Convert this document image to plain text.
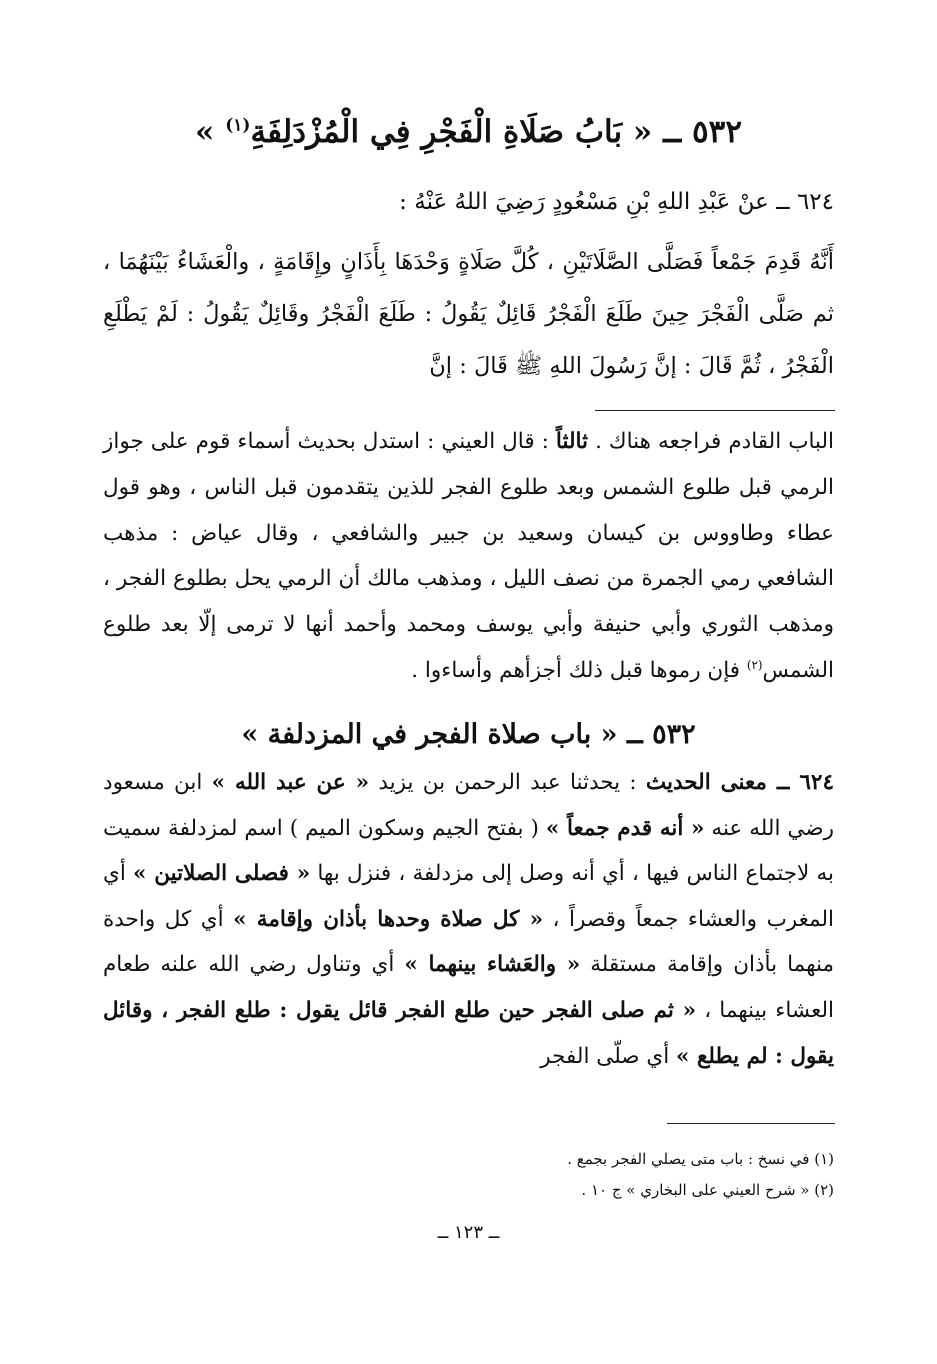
٥٣٢ ــ « بَابُ صَلَاةِ الْفَجْرِ فِي الْمُزْدَلِفَةِ$^{(١)}$ »
٦٢٤ ــ عنْ عَبْدِ اللهِ بْنِ مَسْعُودٍ رَضِيَ اللهُ عَنْهُ :

أَنَّهُ قَدِمَ جَمْعاً فَصَلَّى الصَّلَاتَيْنِ ، كُلَّ صَلَاةٍ وَحْدَهَا بِأَذَانٍ وإِقَامَةٍ ، والْعَشَاءُ بَيْنَهُمَا ، ثم صَلَّى الْفَجْرَ حِينَ طَلَعَ الْفَجْرُ قَائِلٌ يَقُولُ : طَلَعَ الْفَجْرُ وقَائِلٌ يَقُولُ : لَمْ يَطْلَعِ الْفَجْرُ ، ثُمَّ قَالَ : إنَّ رَسُولَ اللهِ ﷺ قَالَ : إنَّ

الباب القادم فراجعه هناك . ثالثاً : قال العيني : استدل بحديث أسماء قوم على جواز الرمي قبل طلوع الشمس وبعد طلوع الفجر للذين يتقدمون قبل الناس ، وهو قول عطاء وطاووس بن كيسان وسعيد بن جبير والشافعي ، وقال عياض : مذهب الشافعي رمي الجمرة من نصف الليل ، ومذهب مالك أن الرمي يحل بطلوع الفجر ، ومذهب الثوري وأبي حنيفة وأبي يوسف ومحمد وأحمد أنها لا ترمى إلّا بعد طلوع الشمس$^{(٢)}$ فإن رموها قبل ذلك أجزأهم وأساءوا .

٥٣٢ ــ « باب صلاة الفجر في المزدلفة »

٦٢٤ ــ معنى الحديث : يحدثنا عبد الرحمن بن يزيد « عن عبد الله » ابن مسعود رضي الله عنه « أنه قدم جمعاً » ( بفتح الجيم وسكون الميم ) اسم لمزدلفة سميت به لاجتماع الناس فيها ، أي أنه وصل إلى مزدلفة ، فنزل بها « فصلى الصلاتين » أي المغرب والعشاء جمعاً وقصراً ، « كل صلاة وحدها بأذان وإقامة » أي كل واحدة منهما بأذان وإقامة مستقلة « والعَشاء بينهما » أي وتناول رضي الله علنه طعام العشاء بينهما ، « ثم صلى الفجر حين طلع الفجر قائل يقول : طلع الفجر ، وقائل يقول : لم يطلع » أي صلّى الفجر

(١) في نسخ : باب متى يصلي الفجر بجمع .
(٢) « شرح العيني على البخاري » ج ١٠ .
ــ ١٢٣ ــ
